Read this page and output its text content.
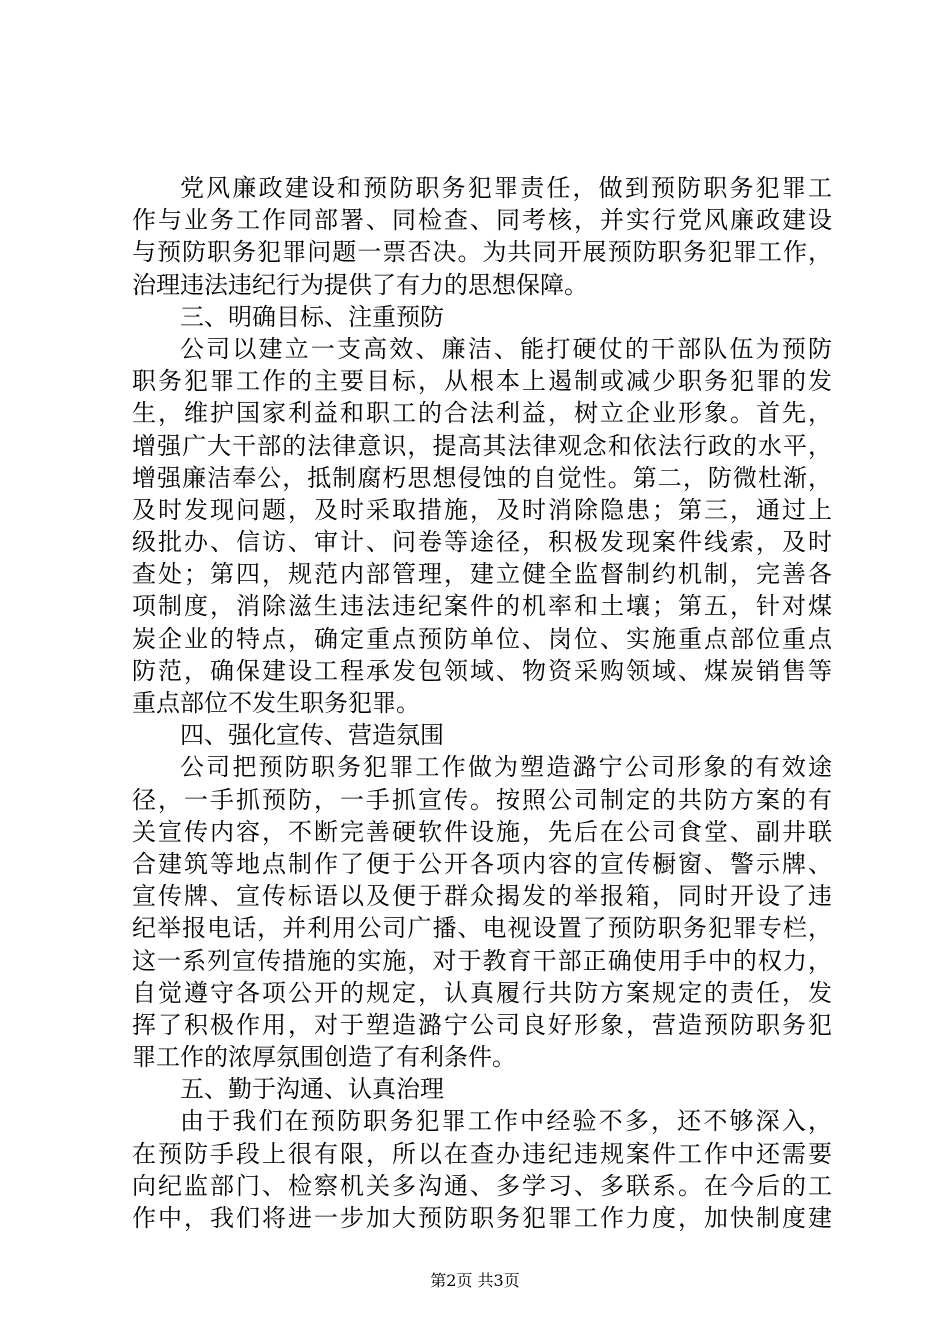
党风廉政建设和预防职务犯罪责任，做到预防职务犯罪工
作与业务工作同部署、同检查、同考核，并实行党风廉政建设
与预防职务犯罪问题一票否决。为共同开展预防职务犯罪工作，
治理违法违纪行为提供了有力的思想保障。
三、明确目标、注重预防
公司以建立一支高效、廉洁、能打硬仗的干部队伍为预防
职务犯罪工作的主要目标，从根本上遏制或减少职务犯罪的发
生，维护国家利益和职工的合法利益，树立企业形象。首先，
增强广大干部的法律意识，提高其法律观念和依法行政的水平，
增强廉洁奉公，抵制腐朽思想侵蚀的自觉性。第二，防微杜渐，
及时发现问题，及时采取措施，及时消除隐患；第三，通过上
级批办、信访、审计、问卷等途径，积极发现案件线索，及时
查处；第四，规范内部管理，建立健全监督制约机制，完善各
项制度，消除滋生违法违纪案件的机率和土壤；第五，针对煤
炭企业的特点，确定重点预防单位、岗位、实施重点部位重点
防范，确保建设工程承发包领域、物资采购领域、煤炭销售等
重点部位不发生职务犯罪。
四、强化宣传、营造氛围
公司把预防职务犯罪工作做为塑造潞宁公司形象的有效途
径，一手抓预防，一手抓宣传。按照公司制定的共防方案的有
关宣传内容，不断完善硬软件设施，先后在公司食堂、副井联
合建筑等地点制作了便于公开各项内容的宣传橱窗、警示牌、
宣传牌、宣传标语以及便于群众揭发的举报箱，同时开设了违
纪举报电话，并利用公司广播、电视设置了预防职务犯罪专栏，
这一系列宣传措施的实施，对于教育干部正确使用手中的权力，
自觉遵守各项公开的规定，认真履行共防方案规定的责任，发
挥了积极作用，对于塑造潞宁公司良好形象，营造预防职务犯
罪工作的浓厚氛围创造了有利条件。
五、勤于沟通、认真治理
由于我们在预防职务犯罪工作中经验不多，还不够深入，
在预防手段上很有限，所以在查办违纪违规案件工作中还需要
向纪监部门、检察机关多沟通、多学习、多联系。在今后的工
作中，我们将进一步加大预防职务犯罪工作力度，加快制度建
第2页 共3页
